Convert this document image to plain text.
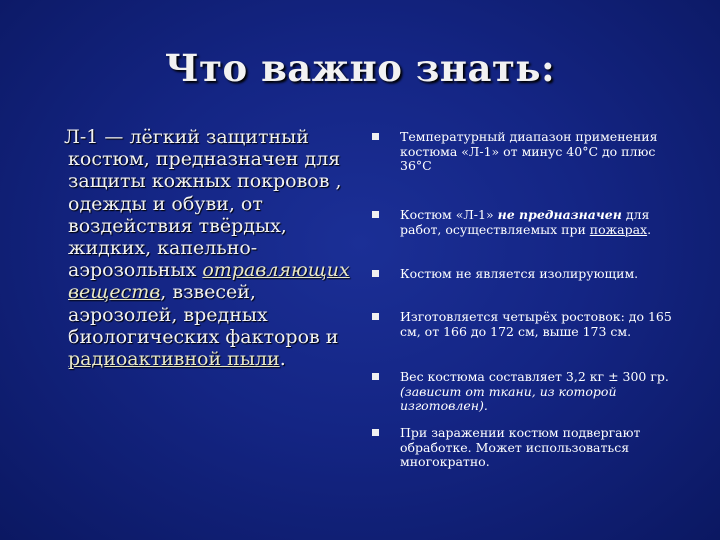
Что важно знать:
Л-1 — лёгкий защитный костюм, предназначен для защиты кожных покровов , одежды и обуви, от воздействия твёрдых, жидких, капельно-аэрозольных отравляющих веществ, взвесей, аэрозолей, вредных биологических факторов и радиоактивной пыли.
Температурный диапазон применения костюма «Л-1» от минус 40°С до плюс 36°С
Костюм «Л-1» не предназначен для работ, осуществляемых при пожарах.
Костюм не является изолирующим.
Изготовляется четырёх ростовок: до 165 см, от 166 до 172 см, выше 173 см.
Вес костюма составляет 3,2 кг ± 300 гр. (зависит от ткани, из которой изготовлен).
При заражении костюм подвергают обработке. Может использоваться многократно.
